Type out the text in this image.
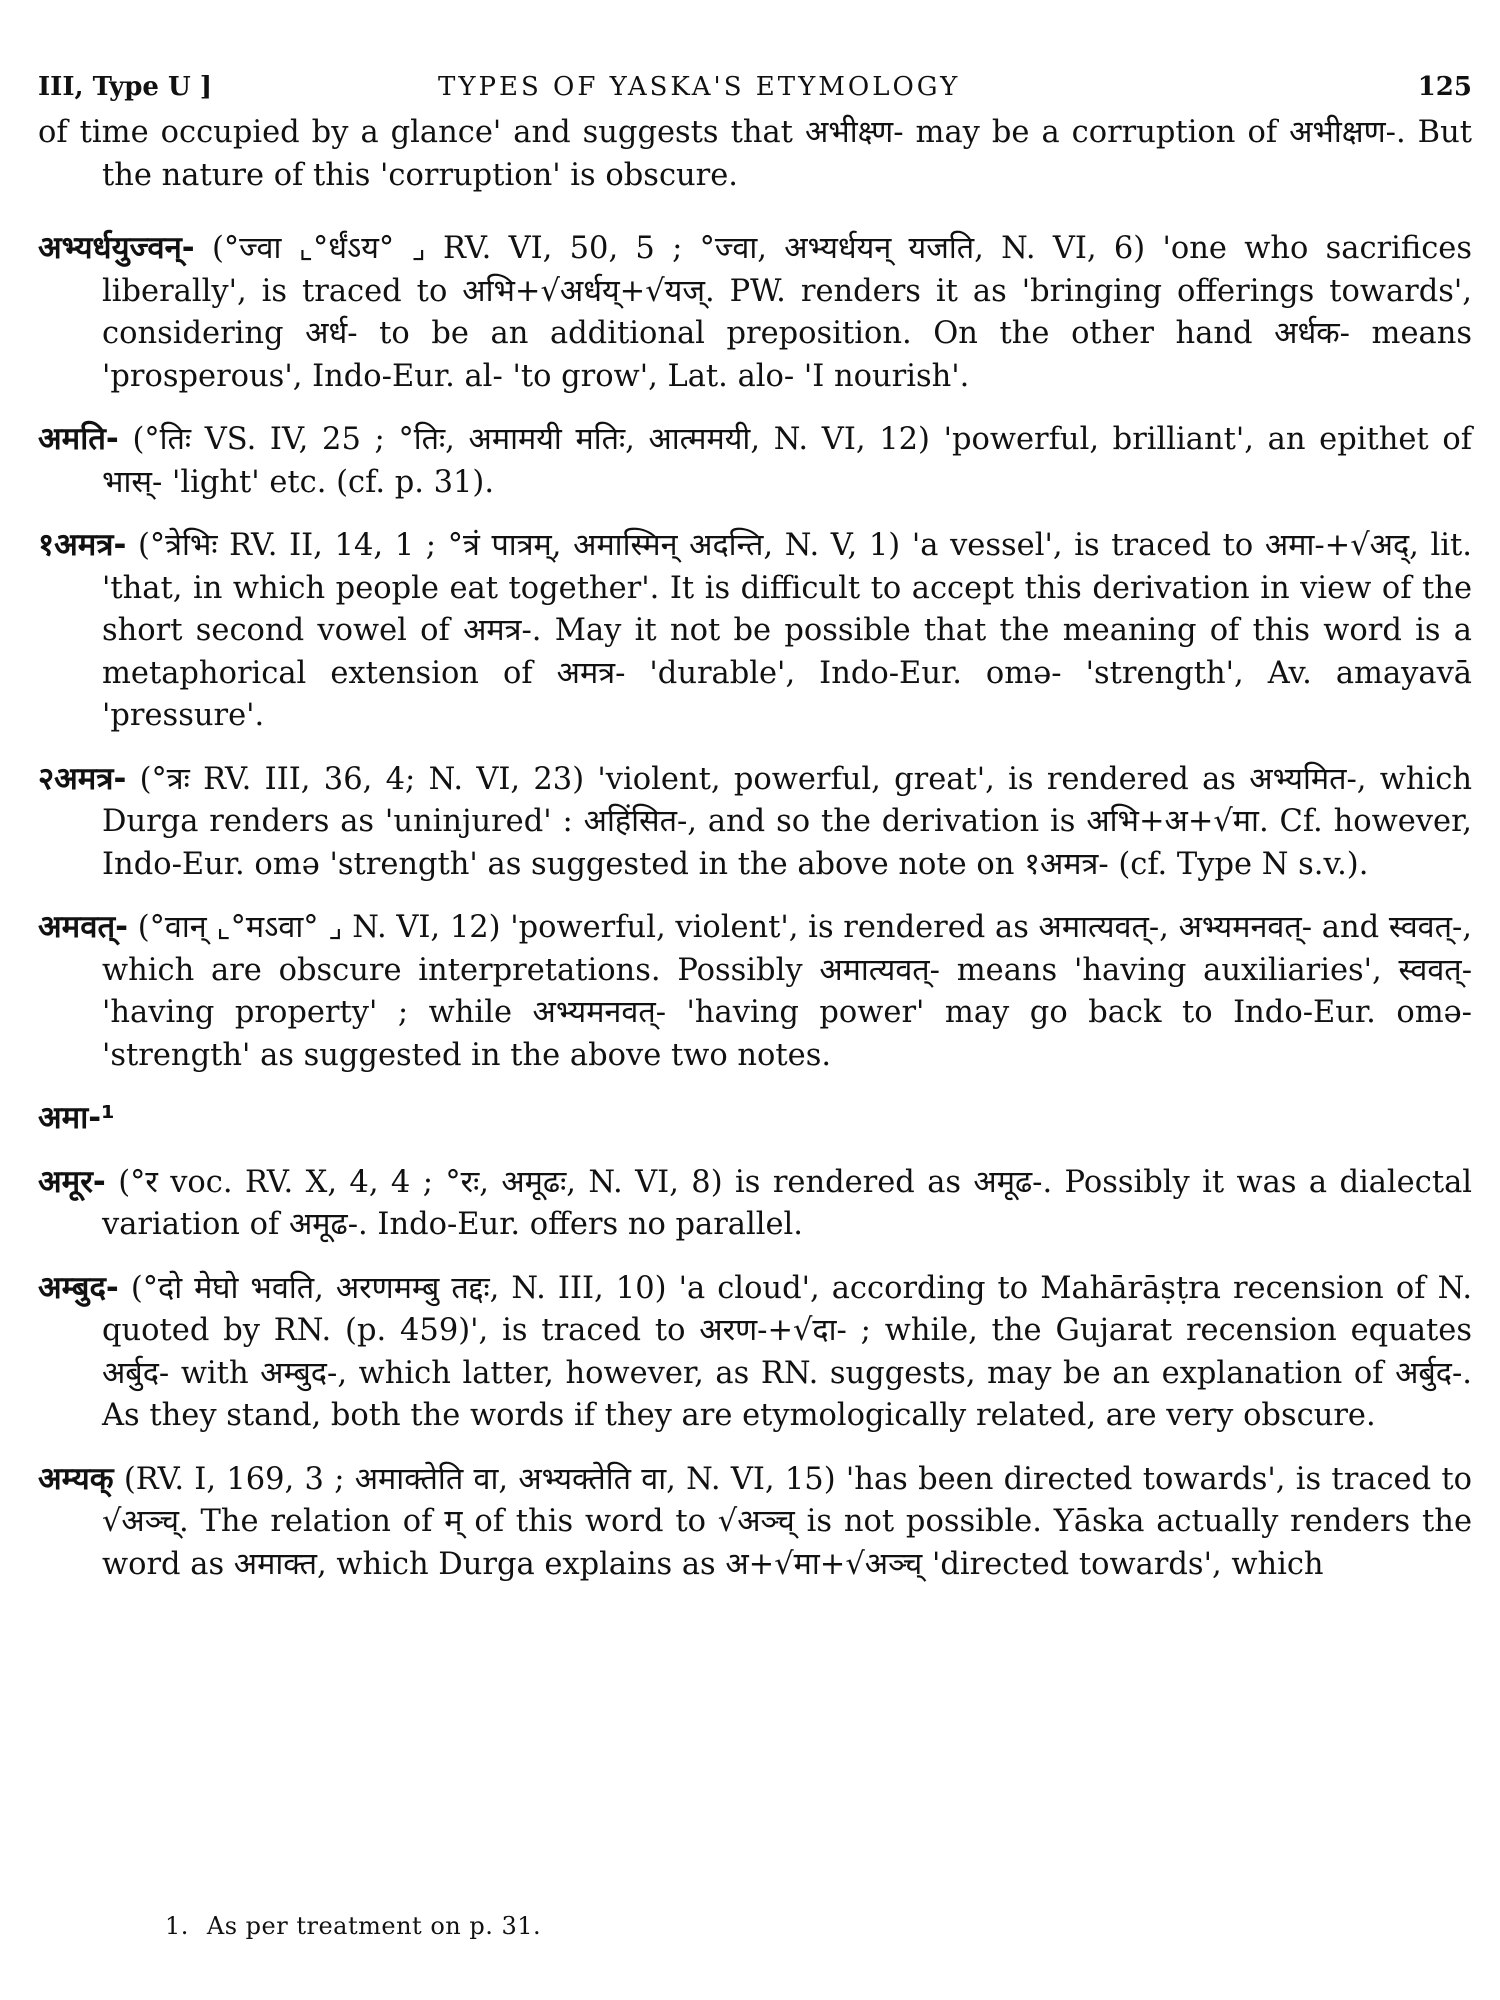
III, Type U ]	TYPES OF YASKA'S ETYMOLOGY	125

of time occupied by a glance' and suggests that अभीक्ष्ण- may be a corruption of अभीक्षण-. But the nature of this 'corruption' is obscure.

अभ्यर्धयुज्वन्- (°ज्वा ⌞°र्धंऽय° ⌟ RV. VI, 50, 5 ; °ज्वा, अभ्यर्धयन् यजति, N. VI, 6) 'one who sacrifices liberally', is traced to अभि+√अर्धय्+√यज्. PW. renders it as 'bringing offerings towards', considering अर्ध- to be an additional preposition. On the other hand अर्धक- means 'prosperous', Indo-Eur. al- 'to grow', Lat. alo- 'I nourish'.

अमति- (°तिः VS. IV, 25 ; °तिः, अमामयी मतिः, आत्ममयी, N. VI, 12) 'powerful, brilliant', an epithet of भास्- 'light' etc. (cf. p. 31).

१अमत्र- (°त्रेभिः RV. II, 14, 1 ; °त्रं पात्रम्, अमास्मिन् अदन्ति, N. V, 1) 'a vessel', is traced to अमा-+√अद्, lit. 'that, in which people eat together'. It is difficult to accept this derivation in view of the short second vowel of अमत्र-. May it not be possible that the meaning of this word is a metaphorical extension of अमत्र- 'durable', Indo-Eur. omə- 'strength', Av. amayavā 'pressure'.

२अमत्र- (°त्रः RV. III, 36, 4; N. VI, 23) 'violent, powerful, great', is rendered as अभ्यमित-, which Durga renders as 'uninjured' : अहिंसित-, and so the derivation is अभि+अ+√मा. Cf. however, Indo-Eur. omə 'strength' as suggested in the above note on १अमत्र- (cf. Type N s.v.).

अमवत्- (°वान् ⌞°मऽवा° ⌟ N. VI, 12) 'powerful, violent', is rendered as अमात्यवत्-, अभ्यमनवत्- and स्ववत्-, which are obscure interpretations. Possibly अमात्यवत्- means 'having auxiliaries', स्ववत्- 'having property' ; while अभ्यमनवत्- 'having power' may go back to Indo-Eur. omə- 'strength' as suggested in the above two notes.

अमा-¹

अमूर- (°र voc. RV. X, 4, 4 ; °रः, अमूढः, N. VI, 8) is rendered as अमूढ-. Possibly it was a dialectal variation of अमूढ-. Indo-Eur. offers no parallel.

अम्बुद- (°दो मेघो भवति, अरणमम्बु तद्दः, N. III, 10) 'a cloud', according to Mahārāṣṭra recension of N. quoted by RN. (p. 459)', is traced to अरण-+√दा- ; while, the Gujarat recension equates अर्बुद- with अम्बुद-, which latter, however, as RN. suggests, may be an explanation of अर्बुद-. As they stand, both the words if they are etymologically related, are very obscure.

अम्यक् (RV. I, 169, 3 ; अमाक्तेति वा, अभ्यक्तेति वा, N. VI, 15) 'has been directed towards', is traced to √अञ्च्. The relation of म् of this word to √अञ्च् is not possible. Yāska actually renders the word as अमाक्त, which Durga explains as अ+√मा+√अञ्च् 'directed towards', which

1. As per treatment on p. 31.
